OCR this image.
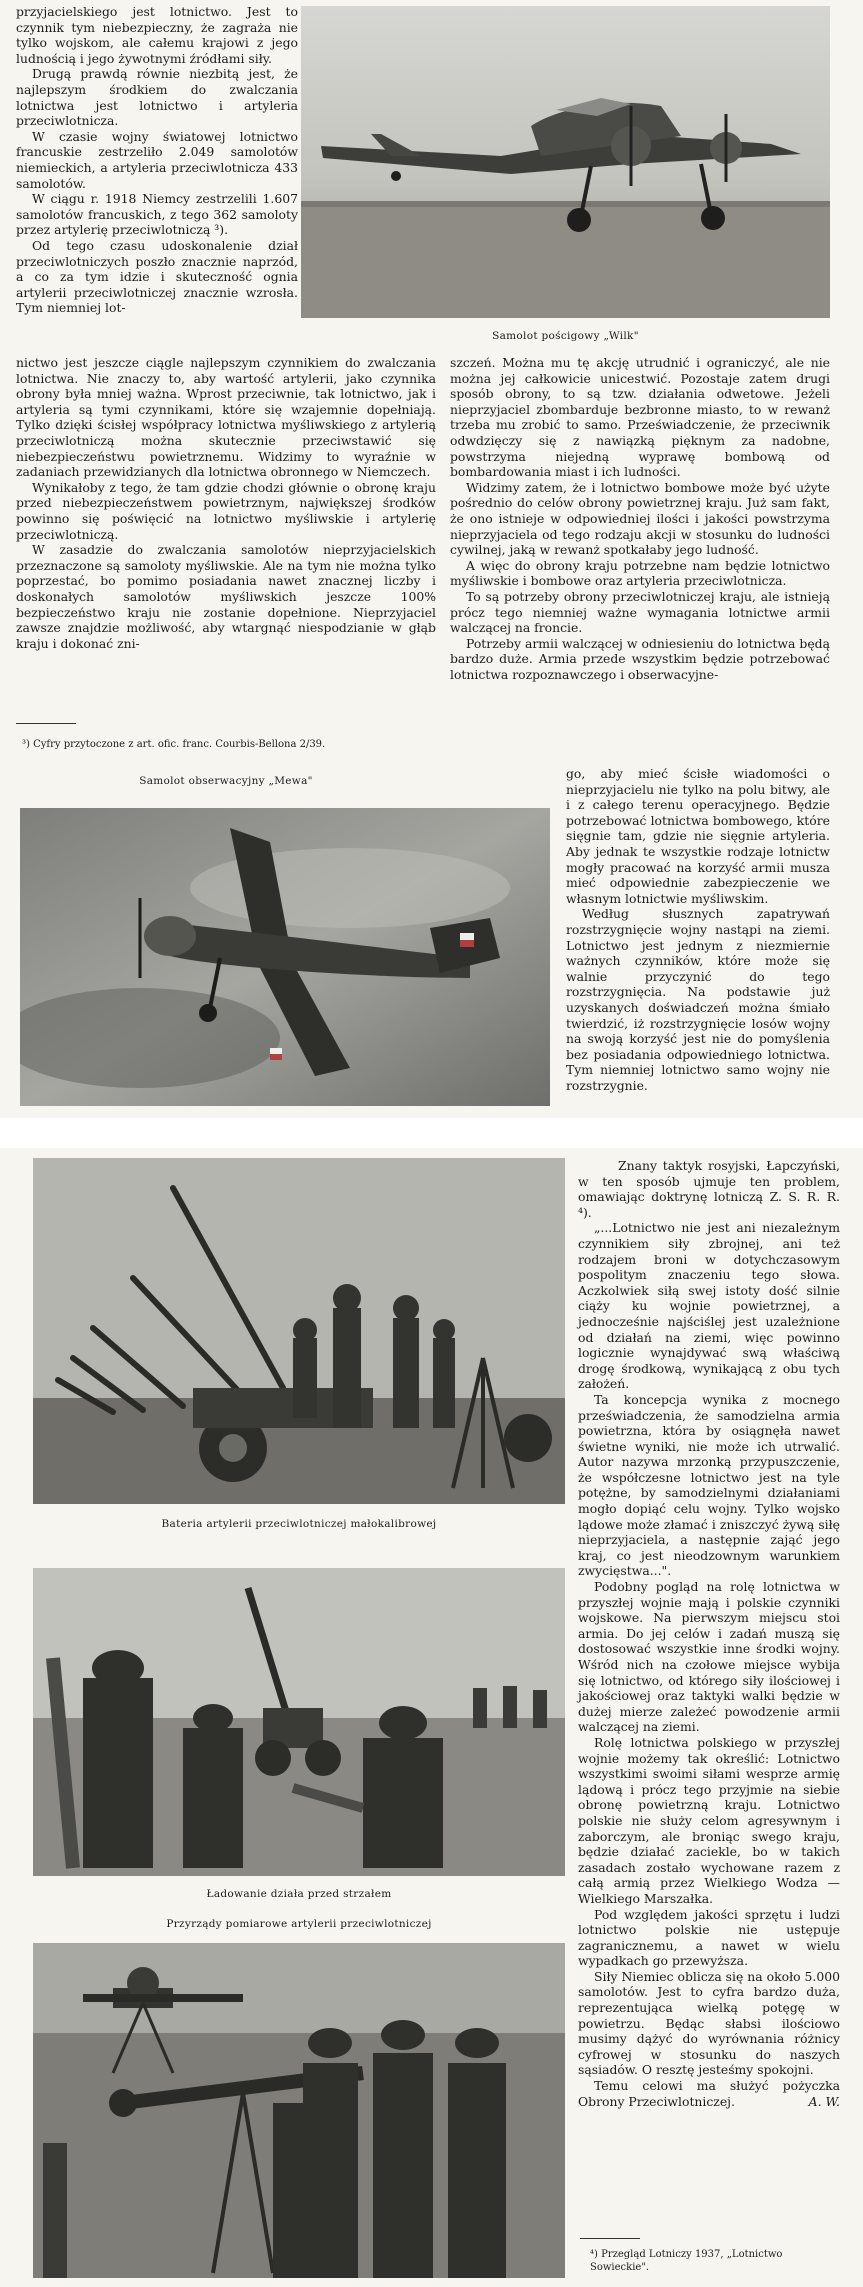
przyjacielskiego jest lotnictwo. Jest to czynnik tym niebezpieczny, że zagraża nie tylko wojskom, ale całemu krajowi z jego ludnością i jego żywotnymi źródłami siły.

Drugą prawdą równie niezbitą jest, że najlepszym środkiem do zwalczania lotnictwa jest lotnictwo i artyleria przeciwlotnicza.

W czasie wojny światowej lotnictwo francuskie zestrzeliło 2.049 samolotów niemieckich, a artyleria przeciwlotnicza 433 samolotów.

W ciągu r. 1918 Niemcy zestrzelili 1.607 samolotów francuskich, z tego 362 samoloty przez artylerię przeciwlotniczą ³).

Od tego czasu udoskonalenie dział przeciwlotniczych poszło znacznie naprzód, a co za tym idzie i skuteczność ognia artylerii przeciwlotniczej znacznie wzrosła. Tym niemniej lot-

Samolot pościgowy „Wilk"

nictwo jest jeszcze ciągle najlepszym czynnikiem do zwalczania lotnictwa. Nie znaczy to, aby wartość artylerii, jako czynnika obrony była mniej ważna. Wprost przeciwnie, tak lotnictwo, jak i artyleria są tymi czynnikami, które się wzajemnie dopełniają. Tylko dzięki ścisłej współpracy lotnictwa myśliwskiego z artylerią przeciwlotniczą można skutecznie przeciwstawić się niebezpieczeństwu powietrznemu. Widzimy to wyraźnie w zadaniach przewidzianych dla lotnictwa obronnego w Niemczech.

Wynikałoby z tego, że tam gdzie chodzi głównie o obronę kraju przed niebezpieczeństwem powietrznym, największej środków powinno się poświęcić na lotnictwo myśliwskie i artylerię przeciwlotniczą.

W zasadzie do zwalczania samolotów nieprzyjacielskich przeznaczone są samoloty myśliwskie. Ale na tym nie można tylko poprzestać, bo pomimo posiadania nawet znacznej liczby i doskonałych samolotów myśliwskich jeszcze 100% bezpieczeństwo kraju nie zostanie dopełnione. Nieprzyjaciel zawsze znajdzie możliwość, aby wtargnąć niespodzianie w głąb kraju i dokonać zni-

³) Cyfry przytoczone z art. ofic. franc. Courbis-Bellona 2/39.
Samolot obserwacyjny „Mewa"

szczeń. Można mu tę akcję utrudnić i ograniczyć, ale nie można jej całkowicie unicestwić. Pozostaje zatem drugi sposób obrony, to są tzw. działania odwetowe. Jeżeli nieprzyjaciel zbombarduje bezbronne miasto, to w rewanż trzeba mu zrobić to samo. Przeświadczenie, że przeciwnik odwdzięczy się z nawiązką pięknym za nadobne, powstrzyma niejedną wyprawę bombową od bombardowania miast i ich ludności.

Widzimy zatem, że i lotnictwo bombowe może być użyte pośrednio do celów obrony powietrznej kraju. Już sam fakt, że ono istnieje w odpowiedniej ilości i jakości powstrzyma nieprzyjaciela od tego rodzaju akcji w stosunku do ludności cywilnej, jaką w rewanż spotkałaby jego ludność.

A więc do obrony kraju potrzebne nam będzie lotnictwo myśliwskie i bombowe oraz artyleria przeciwlotnicza.

To są potrzeby obrony przeciwlotniczej kraju, ale istnieją prócz tego niemniej ważne wymagania lotnictwe armii walczącej na froncie.

Potrzeby armii walczącej w odniesieniu do lotnictwa będą bardzo duże. Armia przede wszystkim będzie potrzebować lotnictwa rozpoznawczego i obserwacyjne-

go, aby mieć ścisłe wiadomości o nieprzyjacielu nie tylko na polu bitwy, ale i z całego terenu operacyjnego. Będzie potrzebować lotnictwa bombowego, które sięgnie tam, gdzie nie sięgnie artyleria. Aby jednak te wszystkie rodzaje lotnictw mogły pracować na korzyść armii musza mieć odpowiednie zabezpieczenie we własnym lotnictwie myśliwskim.

Według słusznych zapatrywań rozstrzygnięcie wojny nastąpi na ziemi. Lotnictwo jest jednym z niezmiernie ważnych czynników, które może się walnie przyczynić do tego rozstrzygnięcia. Na podstawie już uzyskanych doświadczeń można śmiało twierdzić, iż rozstrzygnięcie losów wojny na swoją korzyść jest nie do pomyślenia bez posiadania odpowiedniego lotnictwa. Tym niemniej lotnictwo samo wojny nie rozstrzygnie.

Bateria artylerii przeciwlotniczej małokalibrowej
Ładowanie działa przed strzałem
Przyrządy pomiarowe artylerii przeciwlotniczej

Znany taktyk rosyjski, Łapczyński, w ten sposób ujmuje ten problem, omawiając doktrynę lotniczą Z. S. R. R. ⁴).

„...Lotnictwo nie jest ani niezależnym czynnikiem siły zbrojnej, ani też rodzajem broni w dotychczasowym pospolitym znaczeniu tego słowa. Aczkolwiek siłą swej istoty dość silnie ciąży ku wojnie powietrznej, a jednocześnie najściślej jest uzależnione od działań na ziemi, więc powinno logicznie wynajdywać swą właściwą drogę środkową, wynikającą z obu tych założeń.

Ta koncepcja wynika z mocnego przeświadczenia, że samodzielna armia powietrzna, która by osiągnęła nawet świetne wyniki, nie może ich utrwalić. Autor nazywa mrzonką przypuszczenie, że współczesne lotnictwo jest na tyle potężne, by samodzielnymi działaniami mogło dopiąć celu wojny. Tylko wojsko lądowe może złamać i zniszczyć żywą siłę nieprzyjaciela, a następnie zająć jego kraj, co jest nieodzownym warunkiem zwycięstwa...".

Podobny pogląd na rolę lotnictwa w przyszłej wojnie mają i polskie czynniki wojskowe. Na pierwszym miejscu stoi armia. Do jej celów i zadań muszą się dostosować wszystkie inne środki wojny. Wśród nich na czołowe miejsce wybija się lotnictwo, od którego siły ilościowej i jakościowej oraz taktyki walki będzie w dużej mierze zależeć powodzenie armii walczącej na ziemi.

Rolę lotnictwa polskiego w przyszłej wojnie możemy tak określić: Lotnictwo wszystkimi swoimi siłami wesprze armię lądową i prócz tego przyjmie na siebie obronę powietrzną kraju. Lotnictwo polskie nie służy celom agresywnym i zaborczym, ale broniąc swego kraju, będzie działać zaciekle, bo w takich zasadach zostało wychowane razem z całą armią przez Wielkiego Wodza — Wielkiego Marszałka.

Pod względem jakości sprzętu i ludzi lotnictwo polskie nie ustępuje zagranicznemu, a nawet w wielu wypadkach go przewyższa.

Siły Niemiec oblicza się na około 5.000 samolotów. Jest to cyfra bardzo duża, reprezentująca wielką potęgę w powietrzu. Będąc słabsi ilościowo musimy dążyć do wyrównania różnicy cyfrowej w stosunku do naszych sąsiadów. O resztę jesteśmy spokojni.

Temu celowi ma służyć pożyczka Obrony Przeciwlotniczej.	A. W.

⁴) Przegląd Lotniczy 1937, „Lotnictwo Sowieckie".
